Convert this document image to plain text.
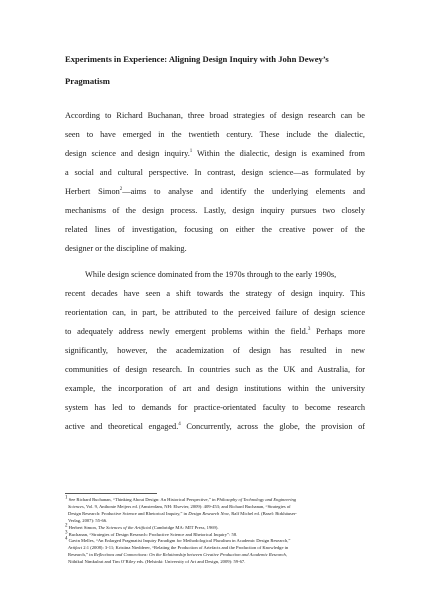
Experiments in Experience: Aligning Design Inquiry with John Dewey’s
Pragmatism
According to Richard Buchanan, three broad strategies of design research can be
seen to have emerged in the twentieth century. These include the dialectic,
design science and design inquiry.$^1$ Within the dialectic, design is examined from
a social and cultural perspective. In contrast, design science—as formulated by
Herbert Simon$^2$—aims to analyse and identify the underlying elements and
mechanisms of the design process. Lastly, design inquiry pursues two closely
related lines of investigation, focusing on either the creative power of the
designer or the discipline of making.
While design science dominated from the 1970s through to the early 1990s,
recent decades have seen a shift towards the strategy of design inquiry. This
reorientation can, in part, be attributed to the perceived failure of design science
to adequately address newly emergent problems within the field.$^3$ Perhaps more
significantly, however, the academization of design has resulted in new
communities of design research. In countries such as the UK and Australia, for
example, the incorporation of art and design institutions within the university
system has led to demands for practice-orientated faculty to become research
active and theoretical engaged.$^4$ Concurrently, across the globe, the provision of
$^1$ See Richard Buchanan, “Thinking About Design: An Historical Perspective,” in Philosophy of Technology and Engineering
Sciences, Vol. 9, Anthonie Meijers ed. (Amsterdam, NH: Elsevier, 2009): 409-453; and Richard Buchanan, “Strategies of
Design Research: Productive Science and Rhetorical Inquiry,” in Design Research Now, Ralf Michel ed. (Basel: Birkhäuser-
Verlag, 2007): 55-66.
$^2$ Herbert Simon, The Sciences of the Artificial (Cambridge MA: MIT Press, 1969).
$^3$ Buchanan, “Strategies of Design Research: Productive Science and Rhetorical Inquiry”: 58.
$^4$ Gavin Melles, “An Enlarged Pragmatist Inquiry Paradigm for Methodological Pluralism in Academic Design Research,”
Artifact 2:1 (2008): 3-11; Kristina Niedderer, “Relating the Production of Artefacts and the Production of Knowledge in
Research,” in Reflections and Connections: On the Relationship between Creative Production and Academic Research,
Nithikul Nimkulrat and Tim O’Riley eds. (Helsinki: University of Art and Design, 2009): 59-67.
